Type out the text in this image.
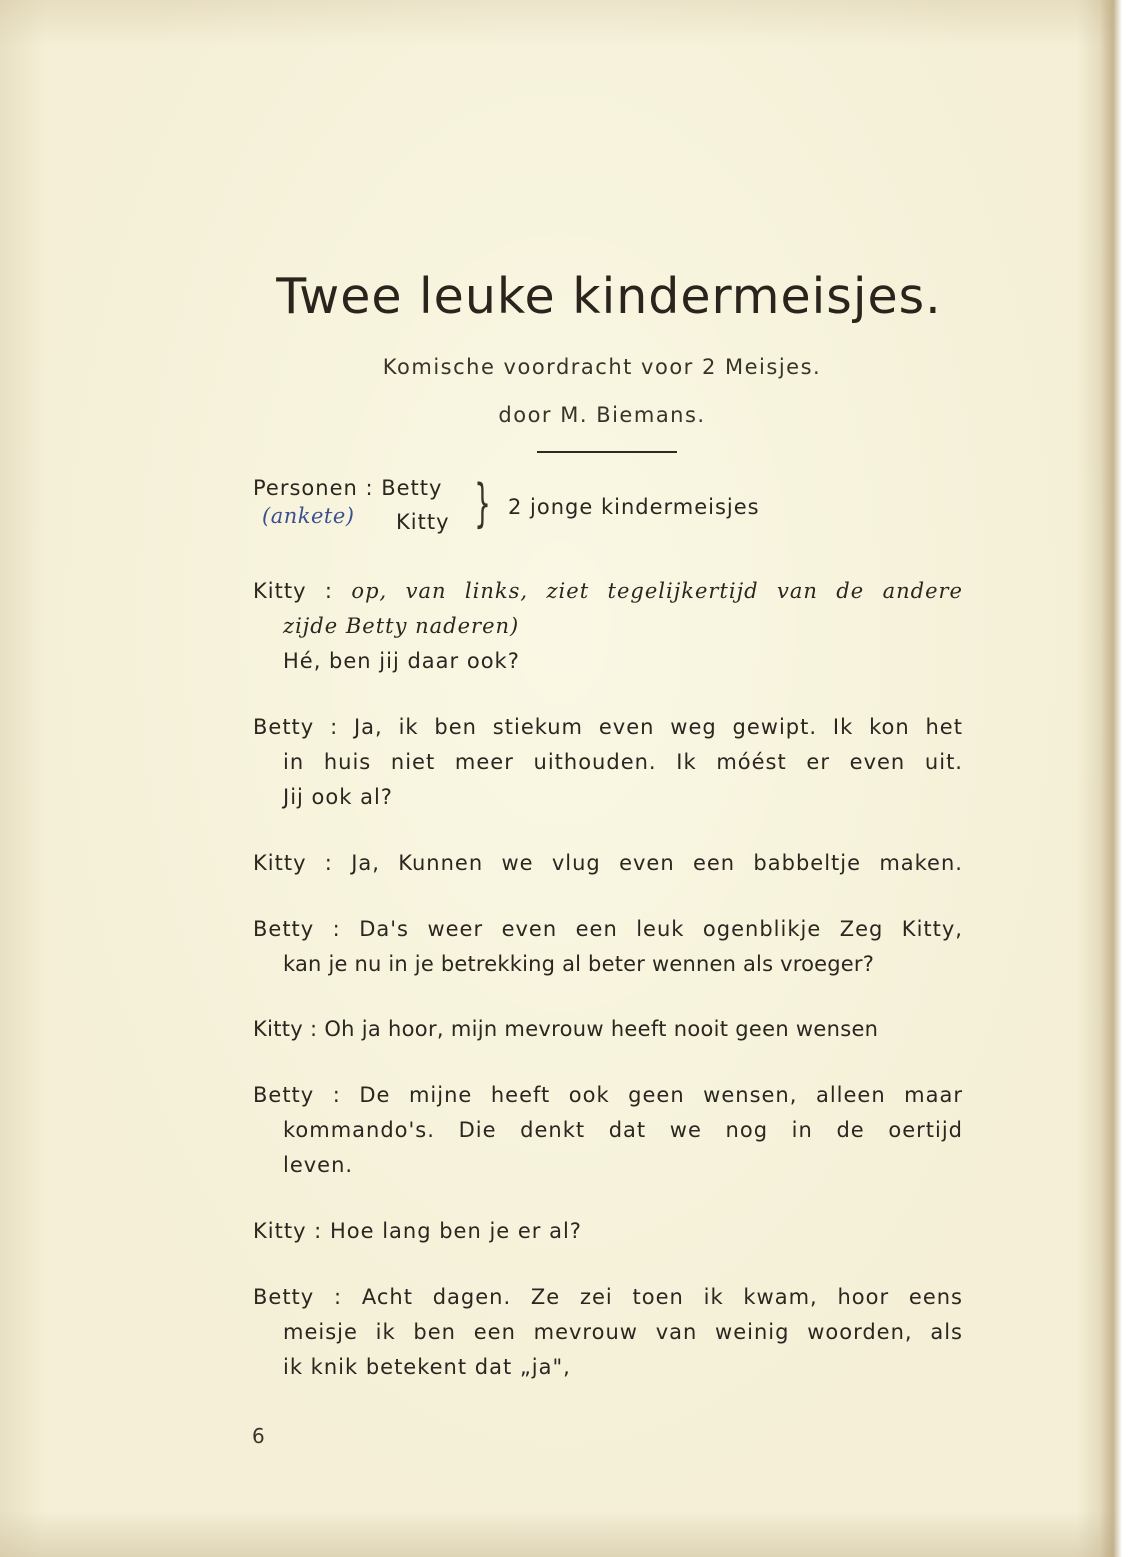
Twee leuke kindermeisjes.
Komische voordracht voor 2 Meisjes.
door M. Biemans.
Personen : Betty
(ankete) Kitty } 2 jonge kindermeisjes
Kitty : op, van links, ziet tegelijkertijd van de andere
zijde Betty naderen)
Hé, ben jij daar ook?
Betty : Ja, ik ben stiekum even weg gewipt. Ik kon het
in huis niet meer uithouden. Ik móést er even uit.
Jij ook al?
Kitty : Ja, Kunnen we vlug even een babbeltje maken.
Betty : Da's weer even een leuk ogenblikje Zeg Kitty,
kan je nu in je betrekking al beter wennen als vroeger?
Kitty : Oh ja hoor, mijn mevrouw heeft nooit geen wensen
Betty : De mijne heeft ook geen wensen, alleen maar
kommando's. Die denkt dat we nog in de oertijd
leven.
Kitty : Hoe lang ben je er al?
Betty : Acht dagen. Ze zei toen ik kwam, hoor eens
meisje ik ben een mevrouw van weinig woorden, als
ik knik betekent dat „ja",
6
